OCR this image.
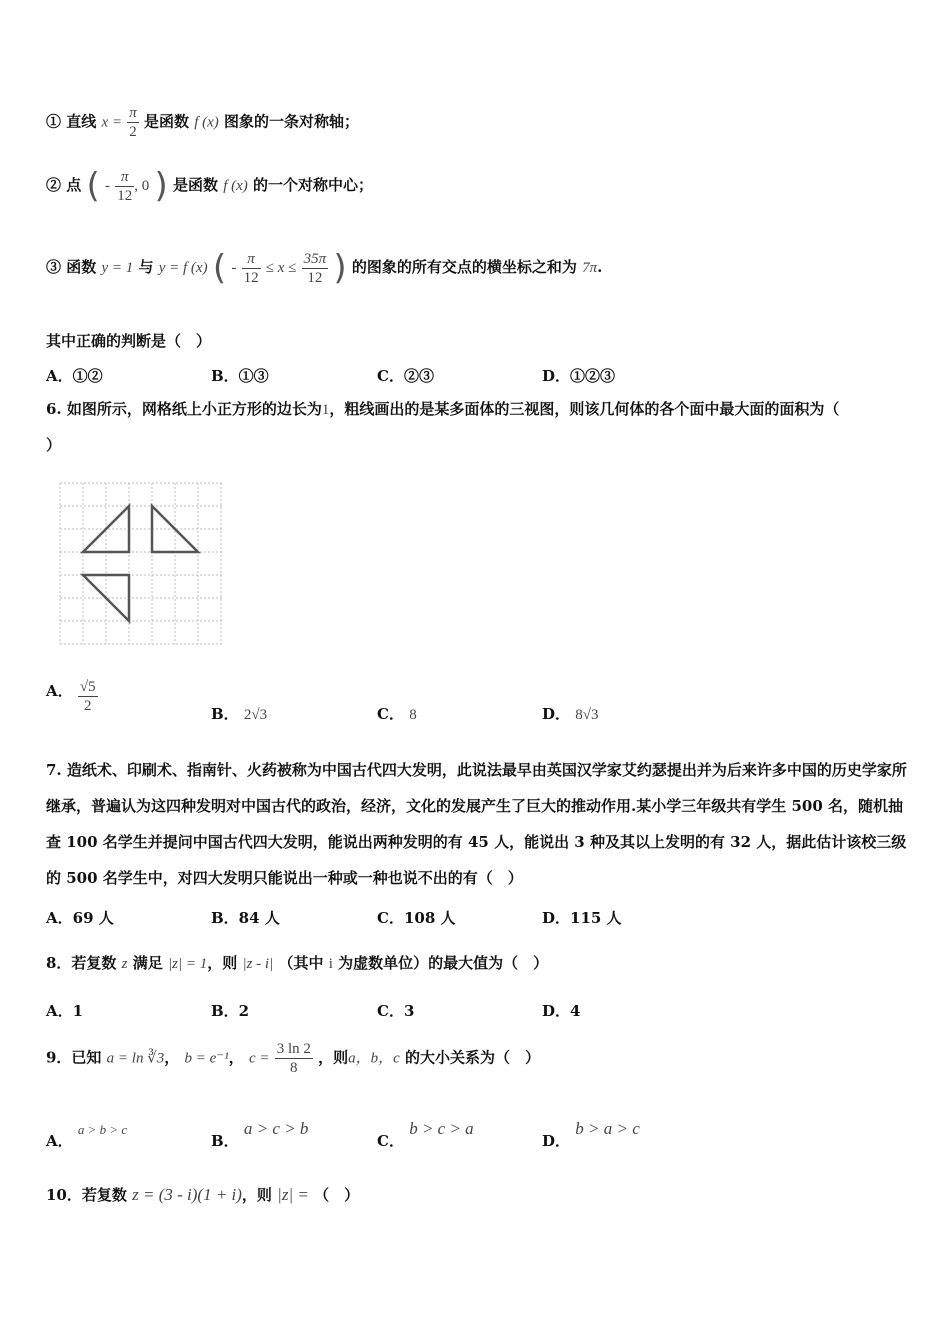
① 直线 $x = \frac{\pi}{2}$ 是函数 f (x) 图象的一条对称轴；
② 点 ( - $\frac{\pi}{12}$ , 0 ) 是函数 f (x) 的一个对称中心；
③ 函数 y = 1 与 y = f (x) ( - $\frac{\pi}{12} \le x \le \frac{35\pi}{12}$ ) 的图象的所有交点的横坐标之和为 7π.
其中正确的判断是（　）
A．①②	B．①③	C．②③	D．①②③
6. 如图所示，网格纸上小正方形的边长为1，粗线画出的是某多面体的三视图，则该几何体的各个面中最大面的面积为（
）
A． $\frac{√5}{2}$	B． 2√3	C． 8	D． 8√3
7. 造纸术、印刷术、指南针、火药被称为中国古代四大发明，此说法最早由英国汉学家艾约瑟提出并为后来许多中国的历史学家所继承，普遍认为这四种发明对中国古代的政治，经济，文化的发展产生了巨大的推动作用.某小学三年级共有学生 500 名，随机抽查 100 名学生并提问中国古代四大发明，能说出两种发明的有 45 人，能说出 3 种及其以上发明的有 32 人，据此估计该校三级的 500 名学生中，对四大发明只能说出一种或一种也说不出的有（　）
A．69 人	B．84 人	C．108 人	D．115 人
8．若复数 z 满足 |z| = 1，则 |z - i| （其中 i 为虚数单位）的最大值为（　）
A．1	B．2	C．3	D．4
9．已知 a = ln ∛3， b = e⁻¹， $c = \frac{3 \ln 2}{8}$ ，则a，b，c 的大小关系为（　）
A． a > b > c
B． a > c > b
C． b > c > a
D． b > a > c
10．若复数 z = (3 - i)(1 + i)，则 |z| = （　）
